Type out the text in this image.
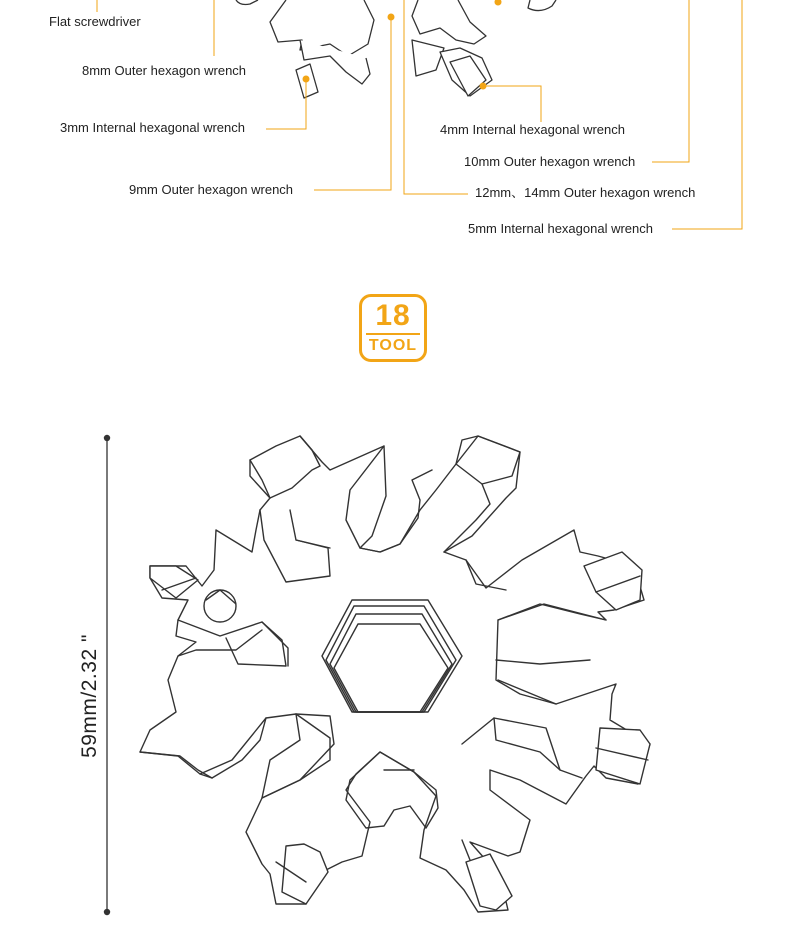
Flat screwdriver
8mm Outer hexagon wrench
3mm Internal hexagonal wrench
9mm Outer hexagon wrench
4mm Internal hexagonal wrench
10mm Outer hexagon wrench
12mm、14mm Outer hexagon wrench
5mm Internal hexagonal wrench
18
TOOL
59mm/2.32 "
